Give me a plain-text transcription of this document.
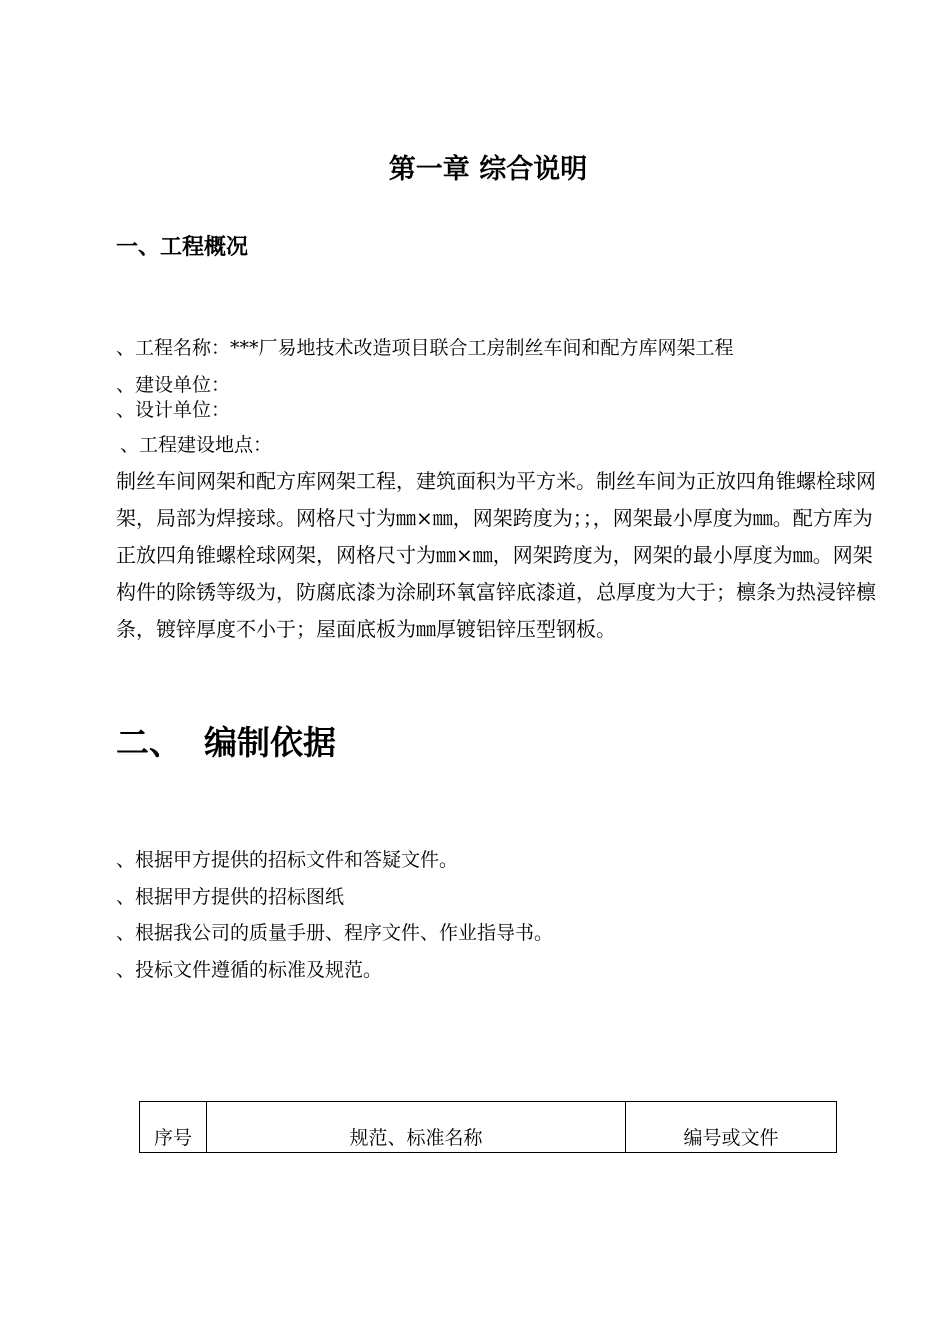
第一章 综合说明
一、工程概况
、工程名称：***厂易地技术改造项目联合工房制丝车间和配方库网架工程
、建设单位：
、设计单位：
、工程建设地点：

制丝车间网架和配方库网架工程，建筑面积为平方米。制丝车间为正放四角锥螺栓球网架，局部为焊接球。网格尺寸为㎜×㎜，网架跨度为；；，网架最小厚度为㎜。配方库为正放四角锥螺栓球网架，网格尺寸为㎜×㎜，网架跨度为，网架的最小厚度为㎜。网架构件的除锈等级为，防腐底漆为涂刷环氧富锌底漆道，总厚度为大于；檩条为热浸锌檩条，镀锌厚度不小于；屋面底板为㎜厚镀铝锌压型钢板。

二、 编制依据
、根据甲方提供的招标文件和答疑文件。
、根据甲方提供的招标图纸
、根据我公司的质量手册、程序文件、作业指导书。
、投标文件遵循的标准及规范。
序号	规范、标准名称	编号或文件
